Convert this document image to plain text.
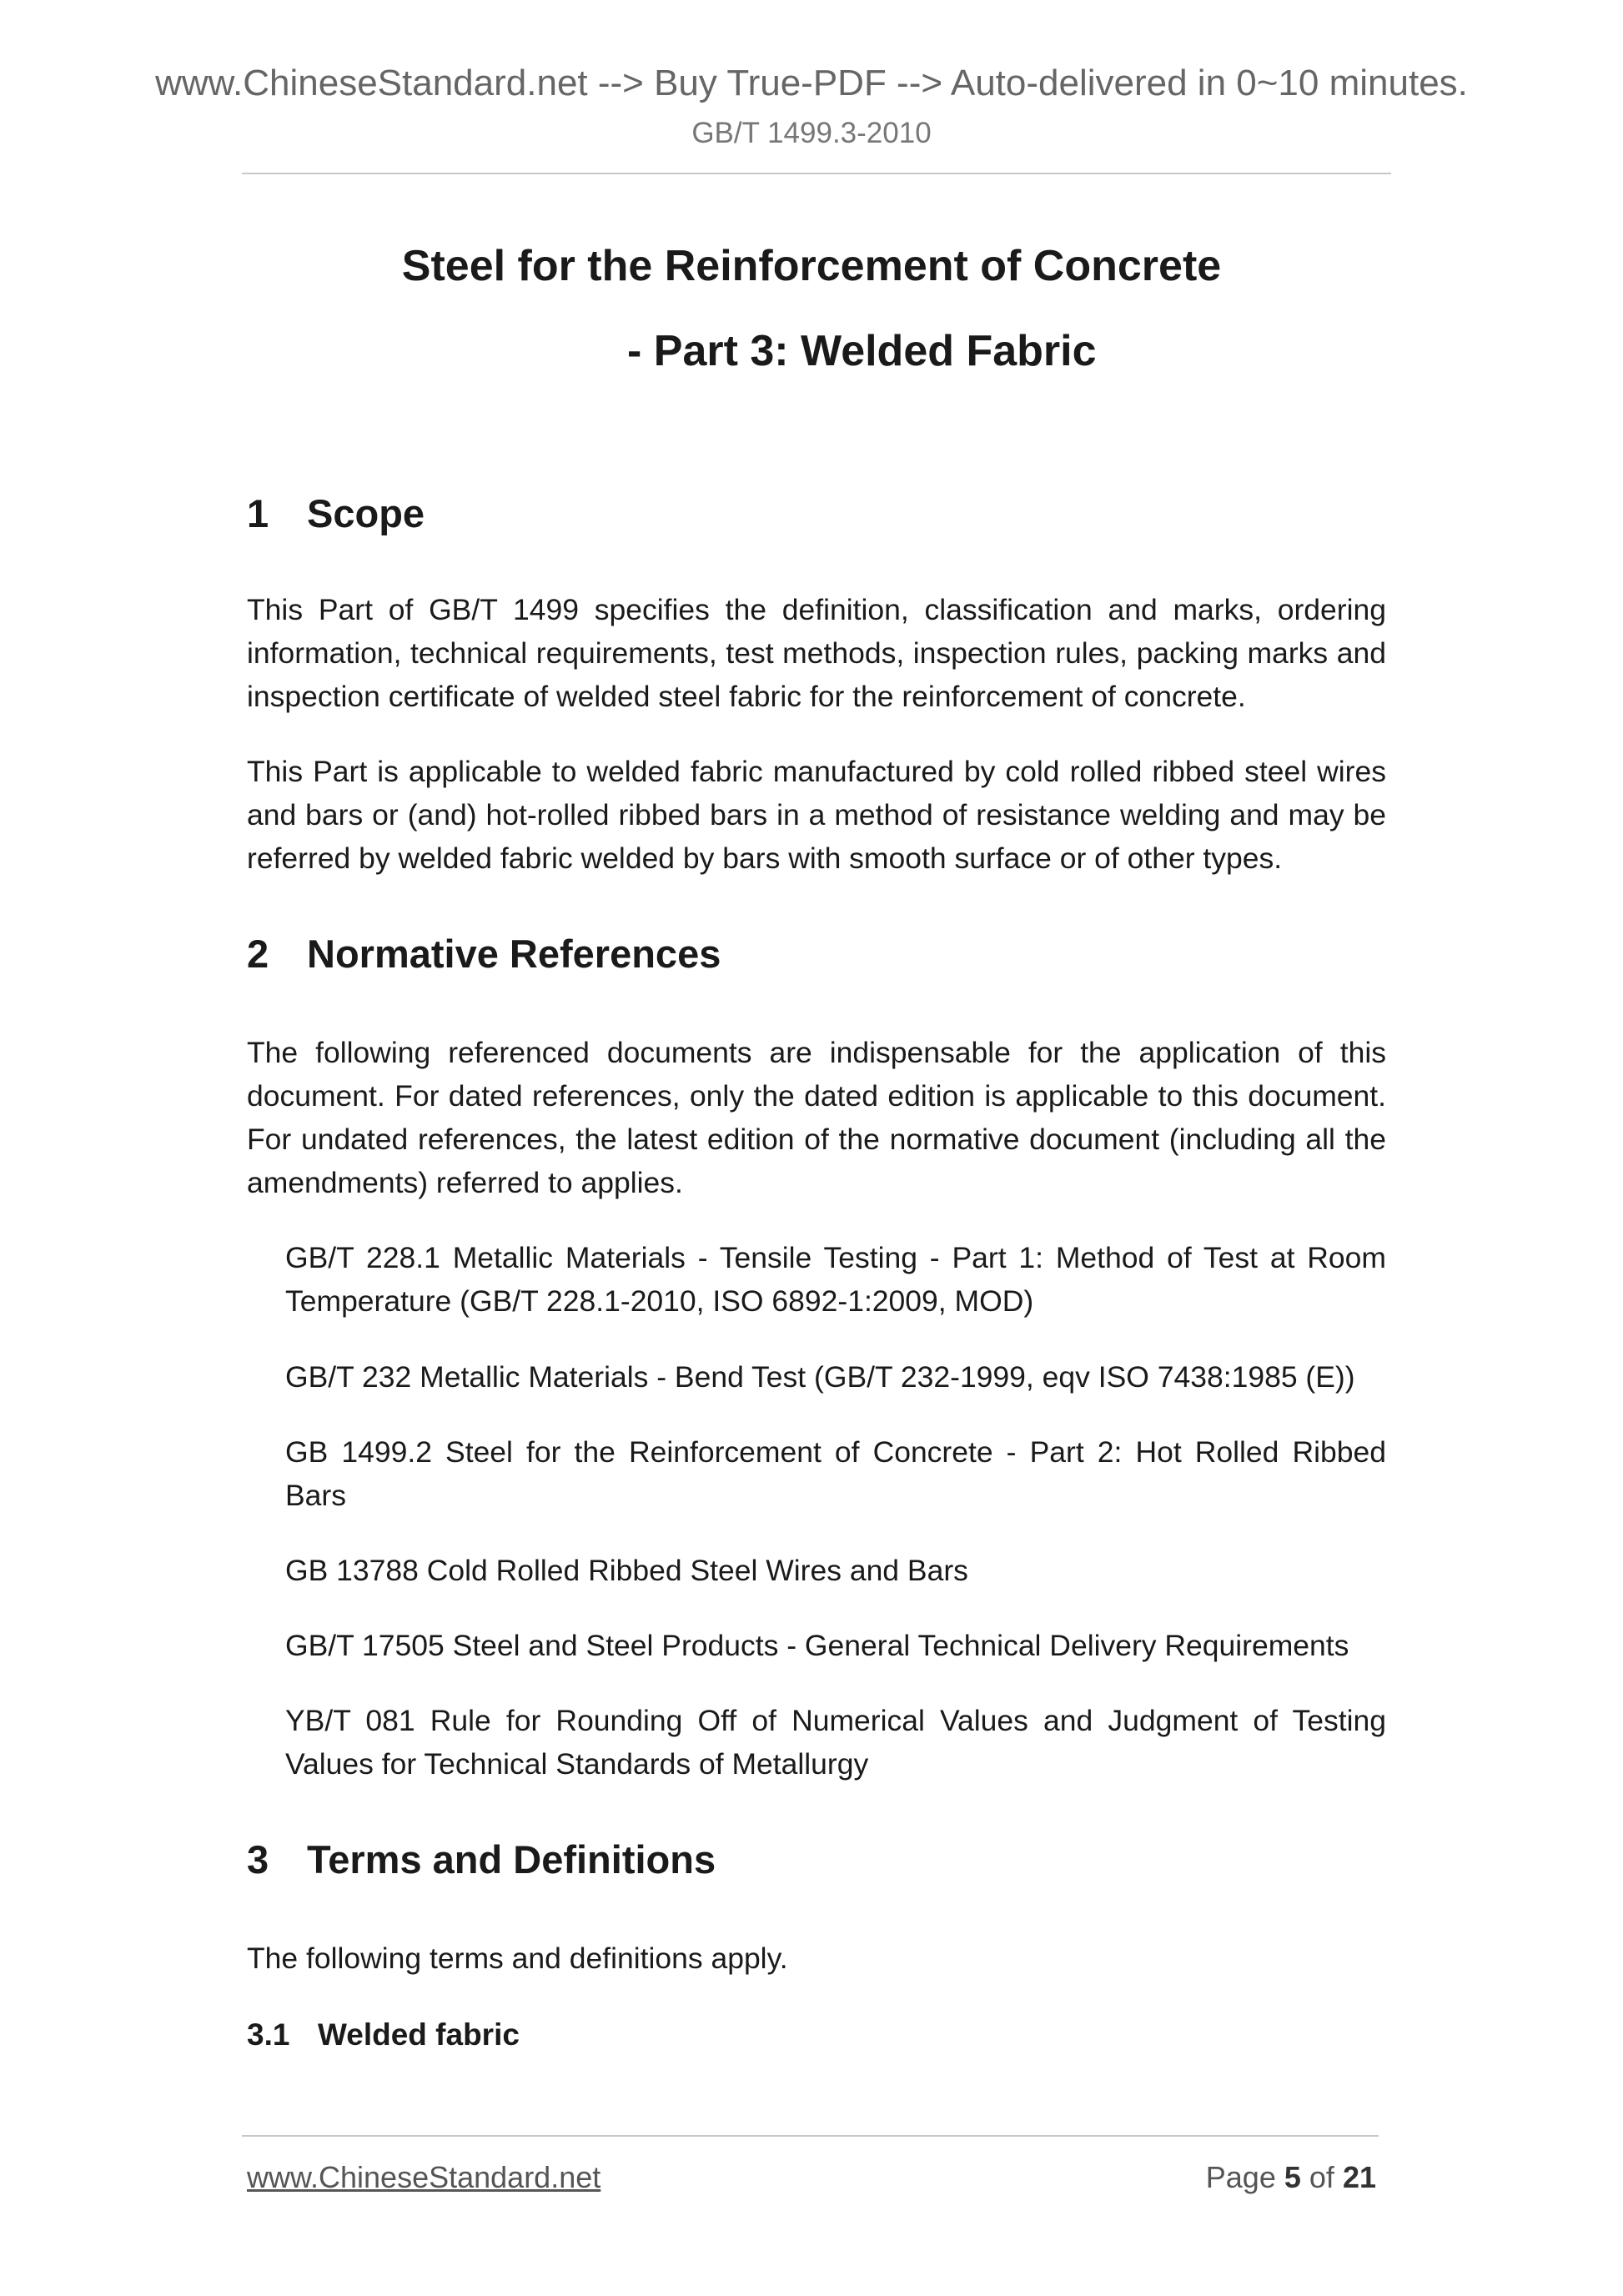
www.ChineseStandard.net --> Buy True-PDF --> Auto-delivered in 0~10 minutes.
GB/T 1499.3-2010
Steel for the Reinforcement of Concrete
- Part 3: Welded Fabric
1 Scope

This Part of GB/T 1499 specifies the definition, classification and marks, ordering information, technical requirements, test methods, inspection rules, packing marks and inspection certificate of welded steel fabric for the reinforcement of concrete.

This Part is applicable to welded fabric manufactured by cold rolled ribbed steel wires and bars or (and) hot-rolled ribbed bars in a method of resistance welding and may be referred by welded fabric welded by bars with smooth surface or of other types.

2 Normative References

The following referenced documents are indispensable for the application of this document. For dated references, only the dated edition is applicable to this document. For undated references, the latest edition of the normative document (including all the amendments) referred to applies.

GB/T 228.1 Metallic Materials - Tensile Testing - Part 1: Method of Test at Room Temperature (GB/T 228.1-2010, ISO 6892-1:2009, MOD)

GB/T 232 Metallic Materials - Bend Test (GB/T 232-1999, eqv ISO 7438:1985 (E))

GB 1499.2 Steel for the Reinforcement of Concrete - Part 2: Hot Rolled Ribbed Bars

GB 13788 Cold Rolled Ribbed Steel Wires and Bars

GB/T 17505 Steel and Steel Products - General Technical Delivery Requirements

YB/T 081 Rule for Rounding Off of Numerical Values and Judgment of Testing Values for Technical Standards of Metallurgy

3 Terms and Definitions

The following terms and definitions apply.

3.1 Welded fabric
www.ChineseStandard.net	Page 5 of 21
